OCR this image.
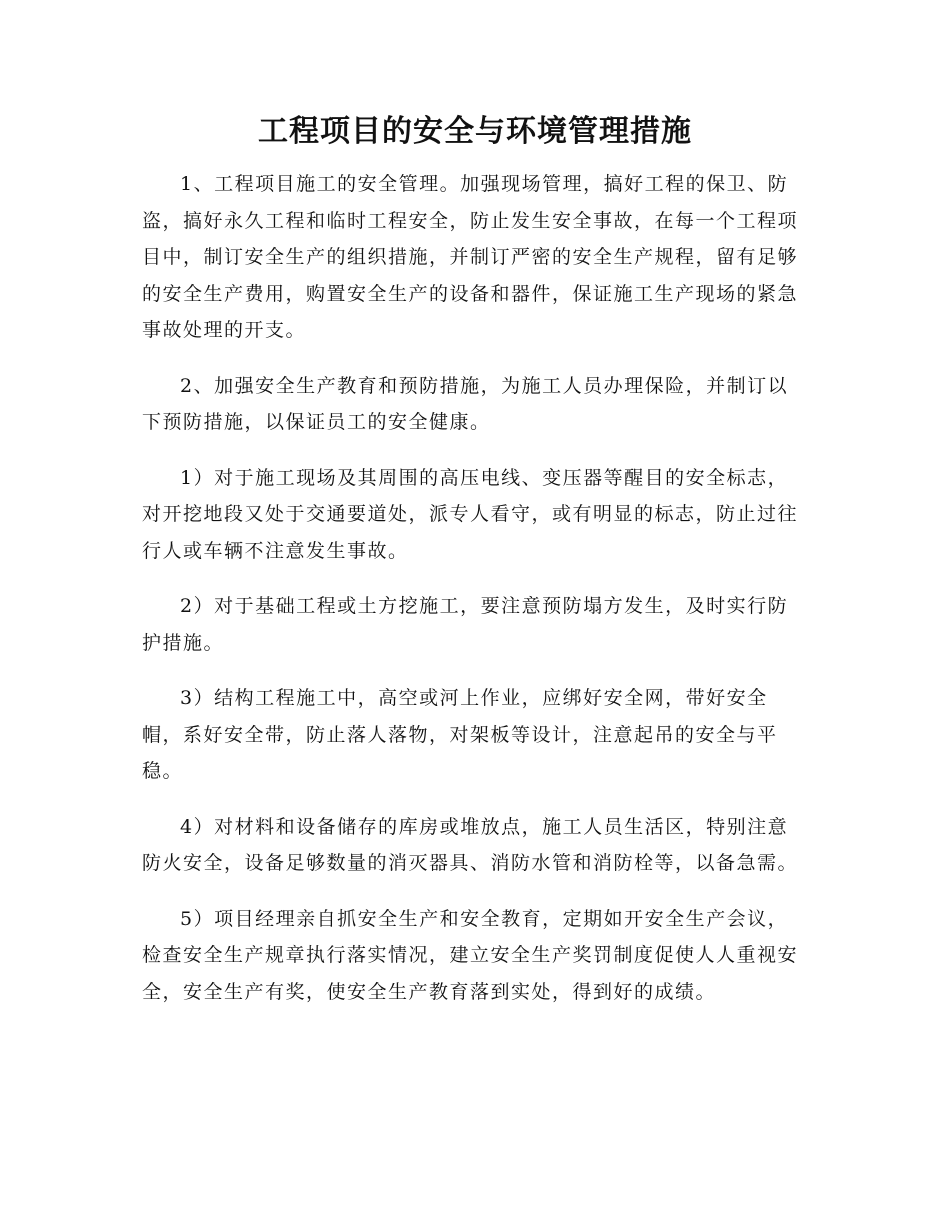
工程项目的安全与环境管理措施

1、工程项目施工的安全管理。加强现场管理，搞好工程的保卫、防盗，搞好永久工程和临时工程安全，防止发生安全事故，在每一个工程项目中，制订安全生产的组织措施，并制订严密的安全生产规程，留有足够的安全生产费用，购置安全生产的设备和器件，保证施工生产现场的紧急事故处理的开支。

2、加强安全生产教育和预防措施，为施工人员办理保险，并制订以下预防措施，以保证员工的安全健康。

1）对于施工现场及其周围的高压电线、变压器等醒目的安全标志，对开挖地段又处于交通要道处，派专人看守，或有明显的标志，防止过往行人或车辆不注意发生事故。

2）对于基础工程或土方挖施工，要注意预防塌方发生，及时实行防护措施。

3）结构工程施工中，高空或河上作业，应绑好安全网，带好安全帽，系好安全带，防止落人落物，对架板等设计，注意起吊的安全与平稳。

4）对材料和设备储存的库房或堆放点，施工人员生活区，特别注意防火安全，设备足够数量的消灭器具、消防水管和消防栓等，以备急需。

5）项目经理亲自抓安全生产和安全教育，定期如开安全生产会议，检查安全生产规章执行落实情况，建立安全生产奖罚制度促使人人重视安全，安全生产有奖，使安全生产教育落到实处，得到好的成绩。
